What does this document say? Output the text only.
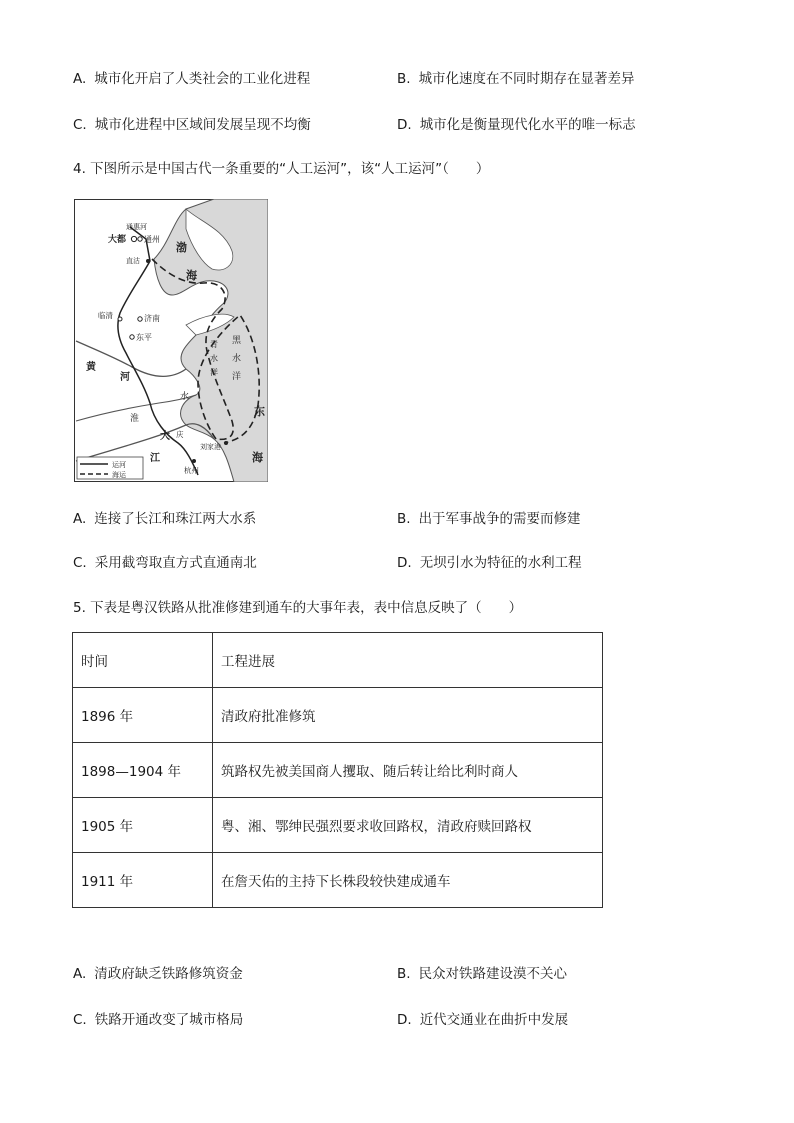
A. 城市化开启了人类社会的工业化进程	B. 城市化速度在不同时期存在显著差异
C. 城市化进程中区域间发展呈现不均衡	D. 城市化是衡量现代化水平的唯一标志
4. 下图所示是中国古代一条重要的“人工运河”，该“人工运河”（　　）
通惠河
大都 通州
直沽
渤
海
临清	济南
东平
黄
河
青 黑
水 水
洋 洋
淮
水
东
海
大
江
庆
刘家港
杭州
运河
海运
A. 连接了长江和珠江两大水系	B. 出于军事战争的需要而修建
C. 采用截弯取直方式直通南北	D. 无坝引水为特征的水利工程
5. 下表是粤汉铁路从批准修建到通车的大事年表，表中信息反映了（　　）
时间	工程进展
1896 年	清政府批准修筑
1898—1904 年	筑路权先被美国商人攫取、随后转让给比利时商人
1905 年	粤、湘、鄂绅民强烈要求收回路权，清政府赎回路权
1911 年	在詹天佑的主持下长株段较快建成通车
A. 清政府缺乏铁路修筑资金	B. 民众对铁路建设漠不关心
C. 铁路开通改变了城市格局	D. 近代交通业在曲折中发展
